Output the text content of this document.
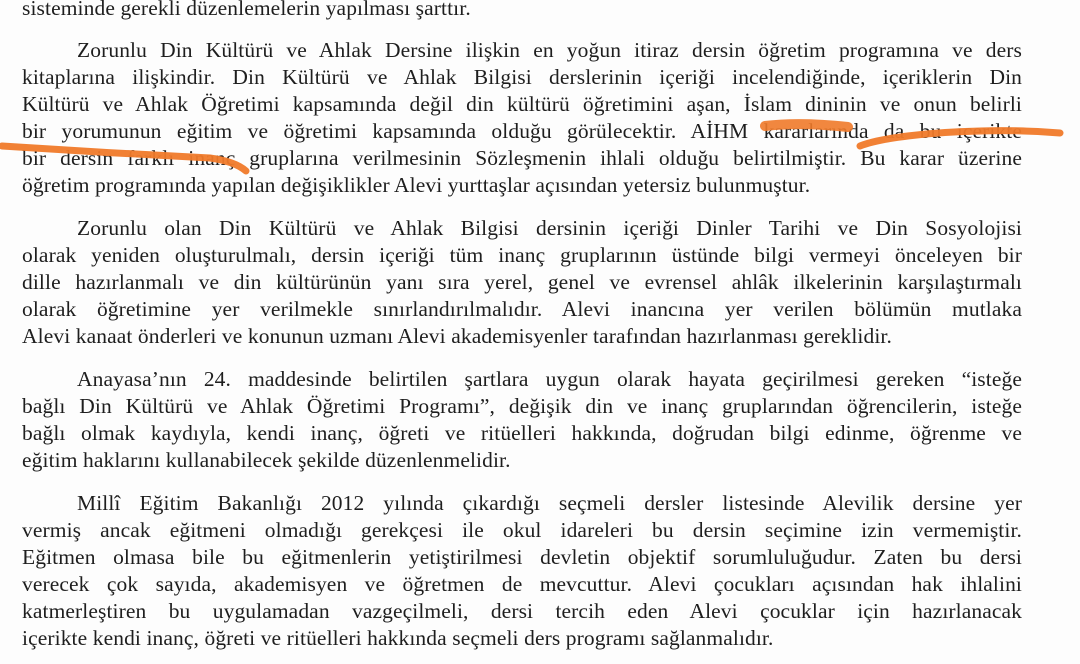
sisteminde gerekli düzenlemelerin yapılması şarttır.
Zorunlu Din Kültürü ve Ahlak Dersine ilişkin en yoğun itiraz dersin öğretim programına ve ders
kitaplarına ilişkindir. Din Kültürü ve Ahlak Bilgisi derslerinin içeriği incelendiğinde, içeriklerin Din
Kültürü ve Ahlak Öğretimi kapsamında değil din kültürü öğretimini aşan, İslam dininin ve onun belirli
bir yorumunun eğitim ve öğretimi kapsamında olduğu görülecektir. AİHM kararlarında da bu içerikte
bir dersin farklı inanç gruplarına verilmesinin Sözleşmenin ihlali olduğu belirtilmiştir. Bu karar üzerine
öğretim programında yapılan değişiklikler Alevi yurttaşlar açısından yetersiz bulunmuştur.
Zorunlu olan Din Kültürü ve Ahlak Bilgisi dersinin içeriği Dinler Tarihi ve Din Sosyolojisi
olarak yeniden oluşturulmalı, dersin içeriği tüm inanç gruplarının üstünde bilgi vermeyi önceleyen bir
dille hazırlanmalı ve din kültürünün yanı sıra yerel, genel ve evrensel ahlâk ilkelerinin karşılaştırmalı
olarak öğretimine yer verilmekle sınırlandırılmalıdır. Alevi inancına yer verilen bölümün mutlaka
Alevi kanaat önderleri ve konunun uzmanı Alevi akademisyenler tarafından hazırlanması gereklidir.
Anayasa’nın 24. maddesinde belirtilen şartlara uygun olarak hayata geçirilmesi gereken “isteğe
bağlı Din Kültürü ve Ahlak Öğretimi Programı”, değişik din ve inanç gruplarından öğrencilerin, isteğe
bağlı olmak kaydıyla, kendi inanç, öğreti ve ritüelleri hakkında, doğrudan bilgi edinme, öğrenme ve
eğitim haklarını kullanabilecek şekilde düzenlenmelidir.
Millî Eğitim Bakanlığı 2012 yılında çıkardığı seçmeli dersler listesinde Alevilik dersine yer
vermiş ancak eğitmeni olmadığı gerekçesi ile okul idareleri bu dersin seçimine izin vermemiştir.
Eğitmen olmasa bile bu eğitmenlerin yetiştirilmesi devletin objektif sorumluluğudur. Zaten bu dersi
verecek çok sayıda, akademisyen ve öğretmen de mevcuttur. Alevi çocukları açısından hak ihlalini
katmerleştiren bu uygulamadan vazgeçilmeli, dersi tercih eden Alevi çocuklar için hazırlanacak
içerikte kendi inanç, öğreti ve ritüelleri hakkında seçmeli ders programı sağlanmalıdır.
